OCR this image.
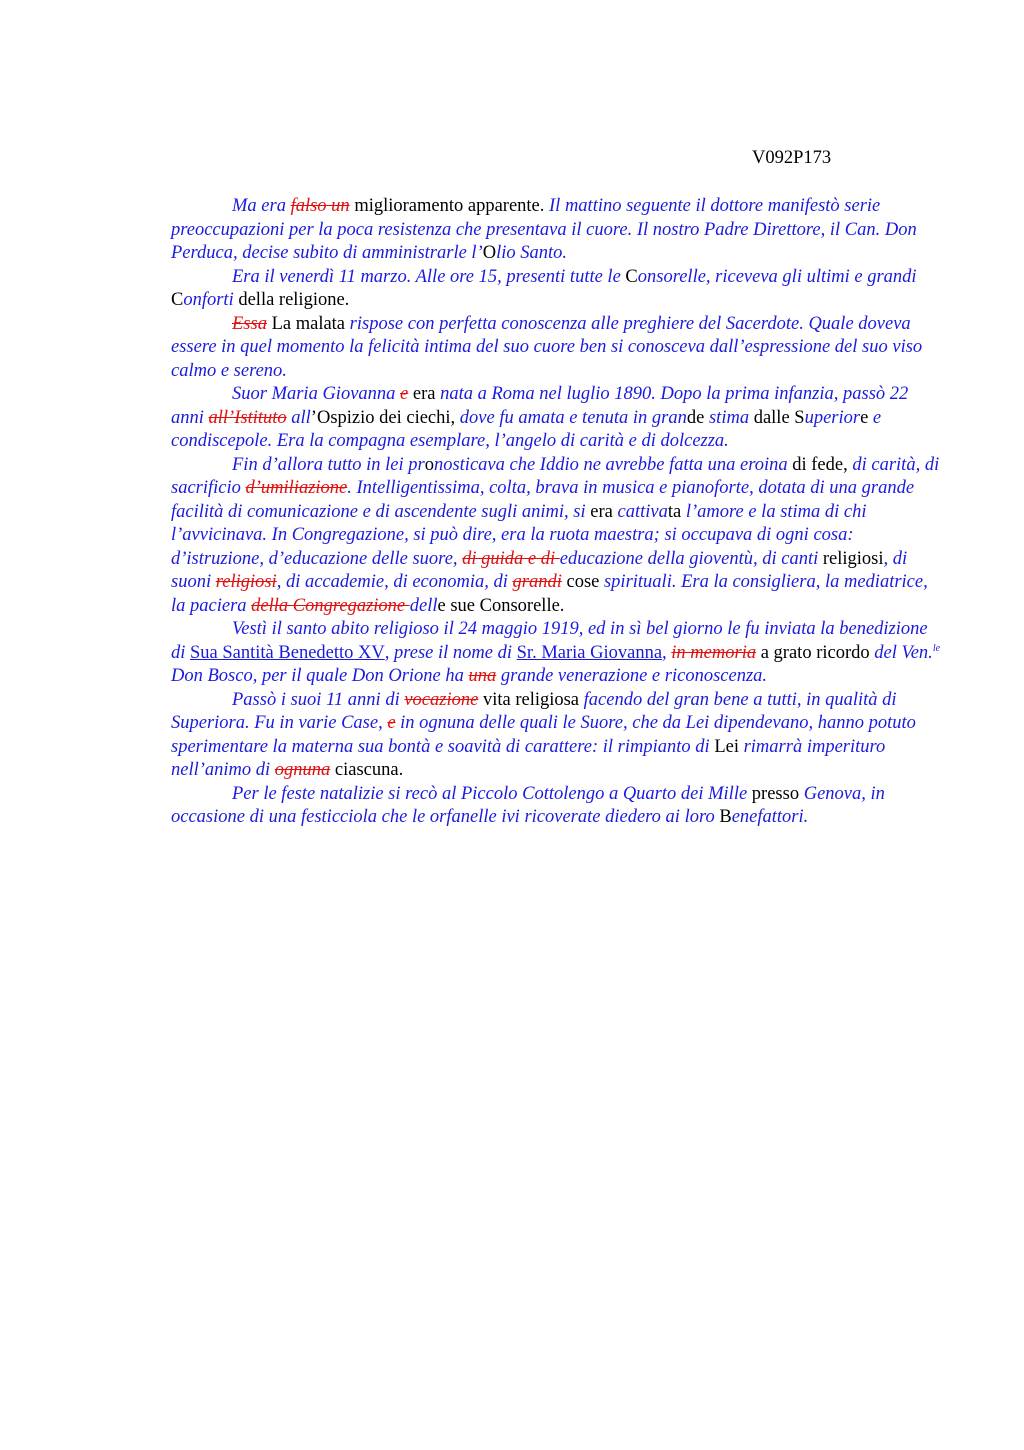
V092P173

Ma era falso un miglioramento apparente. Il mattino seguente il dottore manifestò serie preoccupazioni per la poca resistenza che presentava il cuore. Il nostro Padre Direttore, il Can. Don Perduca, decise subito di amministrarle l’Olio Santo.

Era il venerdì 11 marzo. Alle ore 15, presenti tutte le Consorelle, riceveva gli ultimi e grandi Conforti della religione.

Essa La malata rispose con perfetta conoscenza alle preghiere del Sacerdote. Quale doveva essere in quel momento la felicità intima del suo cuore ben si conosceva dall’espressione del suo viso calmo e sereno.

Suor Maria Giovanna e era nata a Roma nel luglio 1890. Dopo la prima infanzia, passò 22 anni all’Istituto all’Ospizio dei ciechi, dove fu amata e tenuta in grande stima dalle Superiore e condiscepole. Era la compagna esemplare, l’angelo di carità e di dolcezza.

Fin d’allora tutto in lei pronosticava che Iddio ne avrebbe fatta una eroina di fede, di carità, di sacrificio d’umiliazione. Intelligentissima, colta, brava in musica e pianoforte, dotata di una grande facilità di comunicazione e di ascendente sugli animi, si era cattivata l’amore e la stima di chi l’avvicinava. In Congregazione, si può dire, era la ruota maestra; si occupava di ogni cosa: d’istruzione, d’educazione delle suore, di guida e di educazione della gioventù, di canti religiosi, di suoni religiosi, di accademie, di economia, di grandi cose spirituali. Era la consigliera, la mediatrice, la paciera della Congregazione delle sue Consorelle.

Vestì il santo abito religioso il 24 maggio 1919, ed in sì bel giorno le fu inviata la benedizione di Sua Santità Benedetto XV, prese il nome di Sr. Maria Giovanna, in memoria a grato ricordo del Ven.$^{le}$ Don Bosco, per il quale Don Orione ha una grande venerazione e riconoscenza.

Passò i suoi 11 anni di vocazione vita religiosa facendo del gran bene a tutti, in qualità di Superiora. Fu in varie Case, e in ognuna delle quali le Suore, che da Lei dipendevano, hanno potuto sperimentare la materna sua bontà e soavità di carattere: il rimpianto di Lei rimarrà imperituro nell’animo di ognuna ciascuna.

Per le feste natalizie si recò al Piccolo Cottolengo a Quarto dei Mille presso Genova, in occasione di una festicciola che le orfanelle ivi ricoverate diedero ai loro Benefattori.
